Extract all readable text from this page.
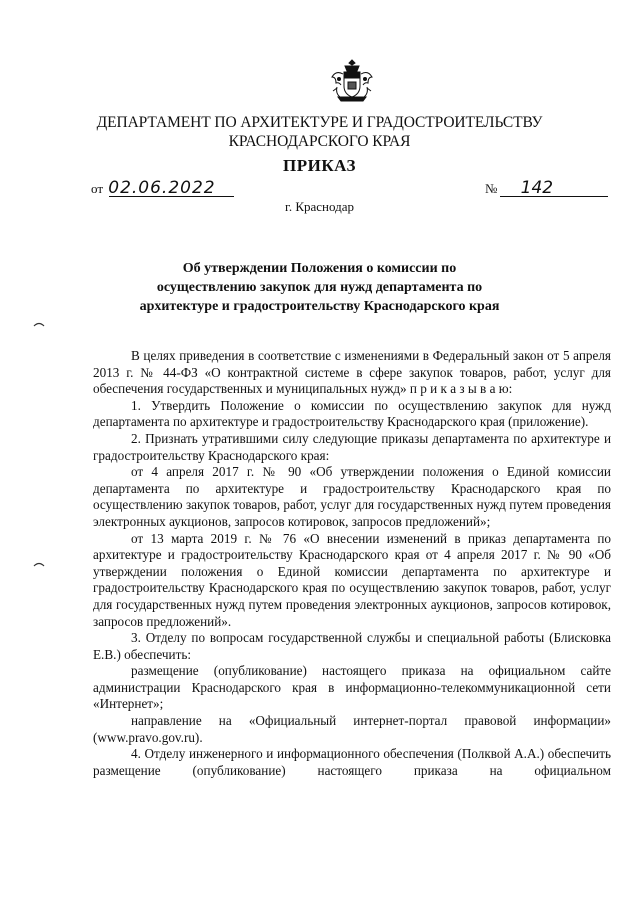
ДЕПАРТАМЕНТ ПО АРХИТЕКТУРЕ И ГРАДОСТРОИТЕЛЬСТВУ
КРАСНОДАРСКОГО КРАЯ
ПРИКАЗ
от 02.06.2022	№ 142
г. Краснодар
Об утверждении Положения о комиссии по
осуществлению закупок для нужд департамента по
архитектуре и градостроительству Краснодарского края

В целях приведения в соответствие с изменениями в Федеральный закон от 5 апреля 2013 г. № 44-ФЗ «О контрактной системе в сфере закупок товаров, работ, услуг для обеспечения государственных и муниципальных нужд» п р и к а з ы в а ю:

1. Утвердить Положение о комиссии по осуществлению закупок для нужд департамента по архитектуре и градостроительству Краснодарского края (приложение).

2. Признать утратившими силу следующие приказы департамента по архитектуре и градостроительству Краснодарского края:

от 4 апреля 2017 г. № 90 «Об утверждении положения о Единой комиссии департамента по архитектуре и градостроительству Краснодарского края по осуществлению закупок товаров, работ, услуг для государственных нужд путем проведения электронных аукционов, запросов котировок, запросов предложений»;

от 13 марта 2019 г. № 76 «О внесении изменений в приказ департамента по архитектуре и градостроительству Краснодарского края от 4 апреля 2017 г. № 90 «Об утверждении положения о Единой комиссии департамента по архитектуре и градостроительству Краснодарского края по осуществлению закупок товаров, работ, услуг для государственных нужд путем проведения электронных аукционов, запросов котировок, запросов предложений».

3. Отделу по вопросам государственной службы и специальной работы (Блисковка Е.В.) обеспечить:

размещение (опубликование) настоящего приказа на официальном сайте администрации Краснодарского края в информационно-телекоммуникационной сети «Интернет»;

направление на «Официальный интернет-портал правовой информации» (www.pravo.gov.ru).

4. Отделу инженерного и информационного обеспечения (Полквой А.А.) обеспечить размещение (опубликование) настоящего приказа на официальном
